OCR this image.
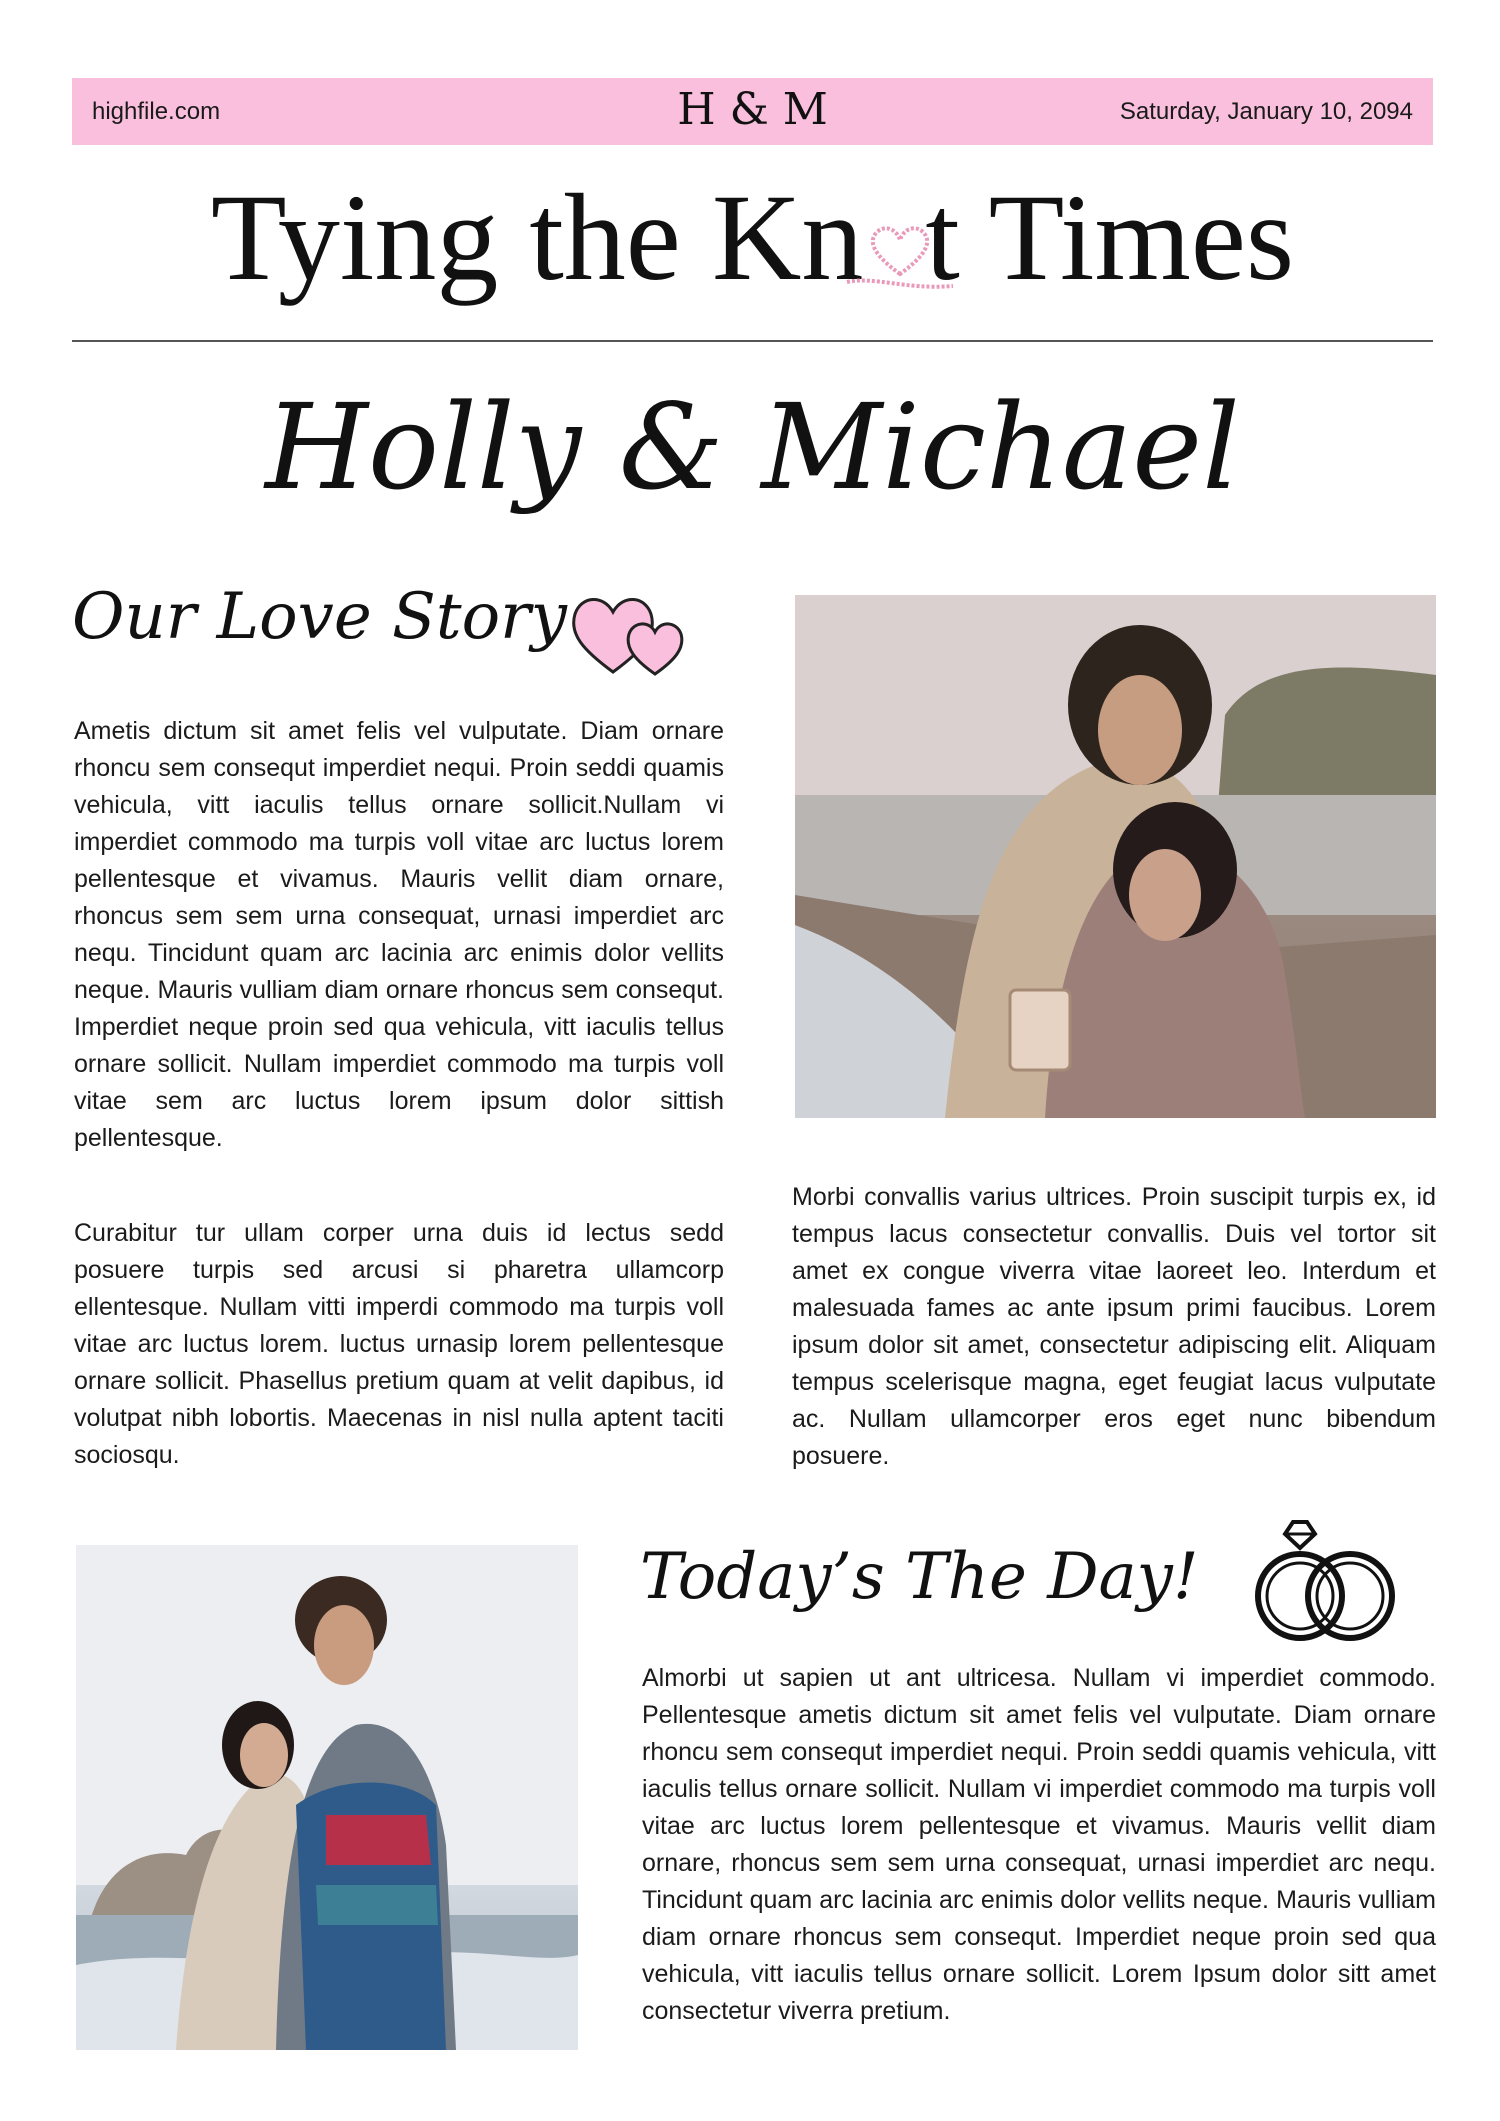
highfile.com	H & M	Saturday, January 10, 2094
Tying the Kn t Times
Holly & Michael
Our Love Story

Ametis dictum sit amet felis vel vulputate. Diam ornare rhoncu sem consequt imperdiet nequi. Proin seddi quamis vehicula, vitt iaculis tellus ornare sollicit.Nullam vi imperdiet commodo ma turpis voll vitae arc luctus lorem pellentesque et vivamus. Mauris vellit diam ornare, rhoncus sem sem urna consequat, urnasi imperdiet arc nequ. Tincidunt quam arc lacinia arc enimis dolor vellits neque. Mauris vulliam diam ornare rhoncus sem consequt. Imperdiet neque proin sed qua vehicula, vitt iaculis tellus ornare sollicit. Nullam imperdiet commodo ma turpis voll vitae sem arc luctus lorem ipsum dolor sittish pellentesque.

Curabitur tur ullam corper urna duis id lectus sedd posuere turpis sed arcusi si pharetra ullamcorp ellentesque. Nullam vitti imperdi commodo ma turpis voll vitae arc luctus lorem. luctus urnasip lorem pellentesque ornare sollicit. Phasellus pretium quam at velit dapibus, id volutpat nibh lobortis. Maecenas in nisl nulla aptent taciti sociosqu.

Morbi convallis varius ultrices. Proin suscipit turpis ex, id tempus lacus consectetur convallis. Duis vel tortor sit amet ex congue viverra vitae laoreet leo. Interdum et malesuada fames ac ante ipsum primi faucibus. Lorem ipsum dolor sit amet, consectetur adipiscing elit. Aliquam tempus scelerisque magna, eget feugiat lacus vulputate ac. Nullam ullamcorper eros eget nunc bibendum posuere.

Today’s The Day!

Almorbi ut sapien ut ant ultricesa. Nullam vi imperdiet commodo. Pellentesque ametis dictum sit amet felis vel vulputate. Diam ornare rhoncu sem consequt imperdiet nequi. Proin seddi quamis vehicula, vitt iaculis tellus ornare sollicit. Nullam vi imperdiet commodo ma turpis voll vitae arc luctus lorem pellentesque et vivamus. Mauris vellit diam ornare, rhoncus sem sem urna consequat, urnasi imperdiet arc nequ. Tincidunt quam arc lacinia arc enimis dolor vellits neque. Mauris vulliam diam ornare rhoncus sem consequt. Imperdiet neque proin sed qua vehicula, vitt iaculis tellus ornare sollicit. Lorem Ipsum dolor sitt amet consectetur viverra pretium.
